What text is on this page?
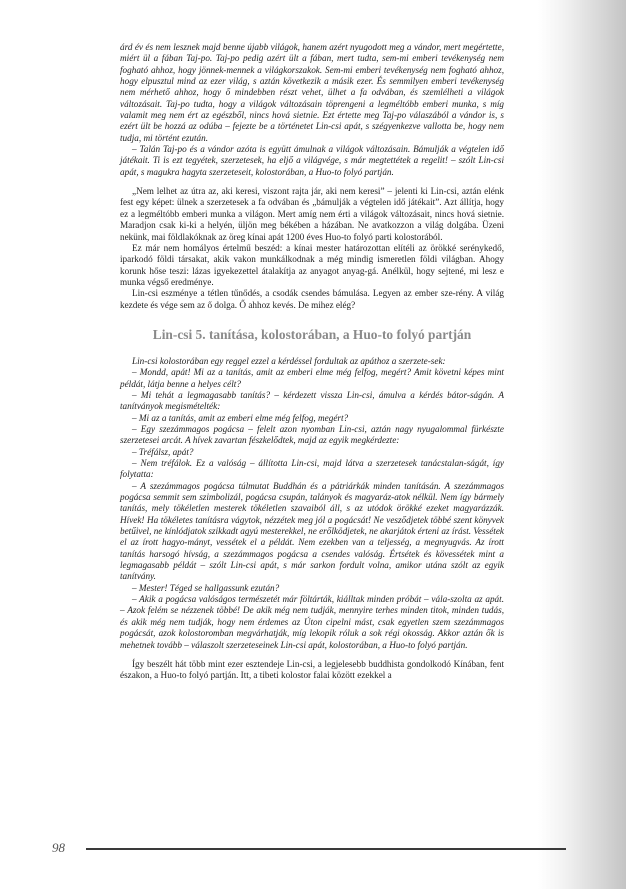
árd év és nem lesznek majd benne újabb világok, hanem azért nyugodott meg a vándor, mert megértette, miért ül a fában Taj-po. Taj-po pedig azért ült a fában, mert tudta, sem-mi emberi tevékenység nem fogható ahhoz, hogy jönnek-mennek a világkorszakok. Sem-mi emberi tevékenység nem fogható ahhoz, hogy elpusztul mind az ezer világ, s aztán következik a másik ezer. És semmilyen emberi tevékenység nem mérhető ahhoz, hogy ő mindebben részt vehet, ülhet a fa odvában, és szemlélheti a világok változásait. Taj-po tudta, hogy a világok változásain töprengeni a legméltóbb emberi munka, s míg valamit meg nem ért az egészből, nincs hová sietnie. Ezt értette meg Taj-po válaszából a vándor is, s ezért ült be hozzá az odúba – fejezte be a történetet Lin-csi apát, s szégyenkezve vallotta be, hogy nem tudja, mi történt ezután.

– Talán Taj-po és a vándor azóta is együtt ámulnak a világok változásain. Bámulják a végtelen idő játékait. Ti is ezt tegyétek, szerzetesek, ha eljő a világvége, s már megtettétek a regelit! – szólt Lin-csi apát, s magukra hagyta szerzeteseit, kolostorában, a Huo-to folyó partján.

„Nem lelhet az útra az, aki keresi, viszont rajta jár, aki nem keresi” – jelenti ki Lin-csi, aztán elénk fest egy képet: ülnek a szerzetesek a fa odvában és „bámulják a végtelen idő játékait”. Azt állítja, hogy ez a legméltóbb emberi munka a világon. Mert amíg nem érti a világok változásait, nincs hová sietnie. Maradjon csak ki-ki a helyén, üljön meg békében a házában. Ne avatkozzon a világ dolgába. Üzeni nekünk, mai földlakóknak az öreg kínai apát 1200 éves Huo-to folyó parti kolostorából.

Ez már nem homályos értelmű beszéd: a kínai mester határozottan elítéli az örökké serénykedő, iparkodó földi társakat, akik vakon munkálkodnak a még mindig ismeretlen földi világban. Ahogy korunk hőse teszi: lázas igyekezettel átalakítja az anyagot anyag-gá. Anélkül, hogy sejtené, mi lesz e munka végső eredménye.

Lin-csi eszménye a tétlen tűnődés, a csodák csendes bámulása. Legyen az ember sze-rény. A világ kezdete és vége sem az ő dolga. Ő ahhoz kevés. De mihez elég?

Lin-csi 5. tanítása, kolostorában, a Huo-to folyó partján

Lin-csi kolostorában egy reggel ezzel a kérdéssel fordultak az apáthoz a szerzete-sek:

– Mondd, apát! Mi az a tanítás, amit az emberi elme még felfog, megért? Amit követni képes mint példát, látja benne a helyes célt?

– Mi tehát a legmagasabb tanítás? – kérdezett vissza Lin-csi, ámulva a kérdés bátor-ságán. A tanítványok megismételték:

– Mi az a tanítás, amit az emberi elme még felfog, megért?

– Egy szezámmagos pogácsa – felelt azon nyomban Lin-csi, aztán nagy nyugalommal fürkészte szerzetesei arcát. A hívek zavartan fészkelődtek, majd az egyik megkérdezte:

– Tréfálsz, apát?

– Nem tréfálok. Ez a valóság – állította Lin-csi, majd látva a szerzetesek tanácstalan-ságát, így folytatta:

– A szezámmagos pogácsa túlmutat Buddhán és a pátriárkák minden tanításán. A szezámmagos pogácsa semmit sem szimbolizál, pogácsa csupán, talányok és magyaráz-atok nélkül. Nem így bármely tanítás, mely tökéletlen mesterek tökéletlen szavaiból áll, s az utódok örökké ezeket magyarázzák. Hívek! Ha tökéletes tanításra vágytok, nézzétek meg jól a pogácsát! Ne vesződjetek többé szent könyvek betűivel, ne kínlódjatok szikkadt agyú mesterekkel, ne erőlködjetek, ne akarjátok érteni az írást. Vessétek el az írott hagyo-mányt, vessétek el a példát. Nem ezekben van a teljesség, a megnyugvás. Az írott tanítás harsogó hívság, a szezámmagos pogácsa a csendes valóság. Értsétek és kövessétek mint a legmagasabb példát – szólt Lin-csi apát, s már sarkon fordult volna, amikor utána szólt az egyik tanítvány.

– Mester! Téged se hallgassunk ezután?

– Akik a pogácsa valóságos természetét már föltárták, kiálltak minden próbát – vála-szolta az apát. – Azok felém se nézzenek többé! De akik még nem tudják, mennyire terhes minden titok, minden tudás, és akik még nem tudják, hogy nem érdemes az Úton cipelni mást, csak egyetlen szem szezámmagos pogácsát, azok kolostoromban megvárhatják, míg lekopik róluk a sok régi okosság. Akkor aztán ők is mehetnek tovább – válaszolt szerzeteseinek Lin-csi apát, kolostorában, a Huo-to folyó partján.

Így beszélt hát több mint ezer esztendeje Lin-csi, a legjelesebb buddhista gondolkodó Kínában, fent északon, a Huo-to folyó partján. Itt, a tibeti kolostor falai között ezekkel a

98
